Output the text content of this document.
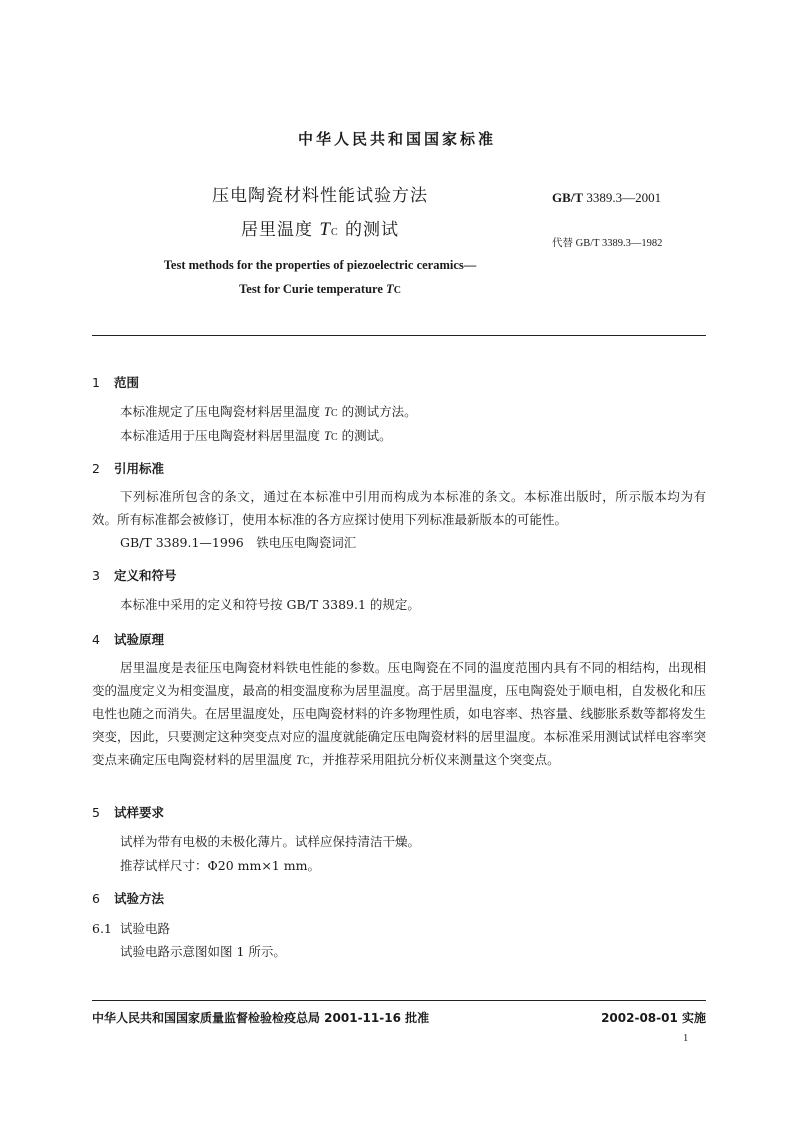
中华人民共和国国家标准
压电陶瓷材料性能试验方法
居里温度 TC 的测试
GB/T 3389.3—2001
代替 GB/T 3389.3—1982
Test methods for the properties of piezoelectric ceramics—
Test for Curie temperature TC
1 范围
本标准规定了压电陶瓷材料居里温度 TC 的测试方法。
本标准适用于压电陶瓷材料居里温度 TC 的测试。
2 引用标准
下列标准所包含的条文，通过在本标准中引用而构成为本标准的条文。本标准出版时，所示版本均为有效。所有标准都会被修订，使用本标准的各方应探讨使用下列标准最新版本的可能性。
GB/T 3389.1—1996　铁电压电陶瓷词汇
3 定义和符号
本标准中采用的定义和符号按 GB/T 3389.1 的规定。
4 试验原理
居里温度是表征压电陶瓷材料铁电性能的参数。压电陶瓷在不同的温度范围内具有不同的相结构，出现相变的温度定义为相变温度，最高的相变温度称为居里温度。高于居里温度，压电陶瓷处于顺电相，自发极化和压电性也随之而消失。在居里温度处，压电陶瓷材料的许多物理性质，如电容率、热容量、线膨胀系数等都将发生突变，因此，只要测定这种突变点对应的温度就能确定压电陶瓷材料的居里温度。本标准采用测试试样电容率突变点来确定压电陶瓷材料的居里温度 TC，并推荐采用阻抗分析仪来测量这个突变点。
5 试样要求
试样为带有电极的未极化薄片。试样应保持清洁干燥。
推荐试样尺寸：Φ20 mm×1 mm。
6 试验方法
6.1 试验电路
试验电路示意图如图 1 所示。
中华人民共和国国家质量监督检验检疫总局 2001-11-16 批准	2002-08-01 实施
1
